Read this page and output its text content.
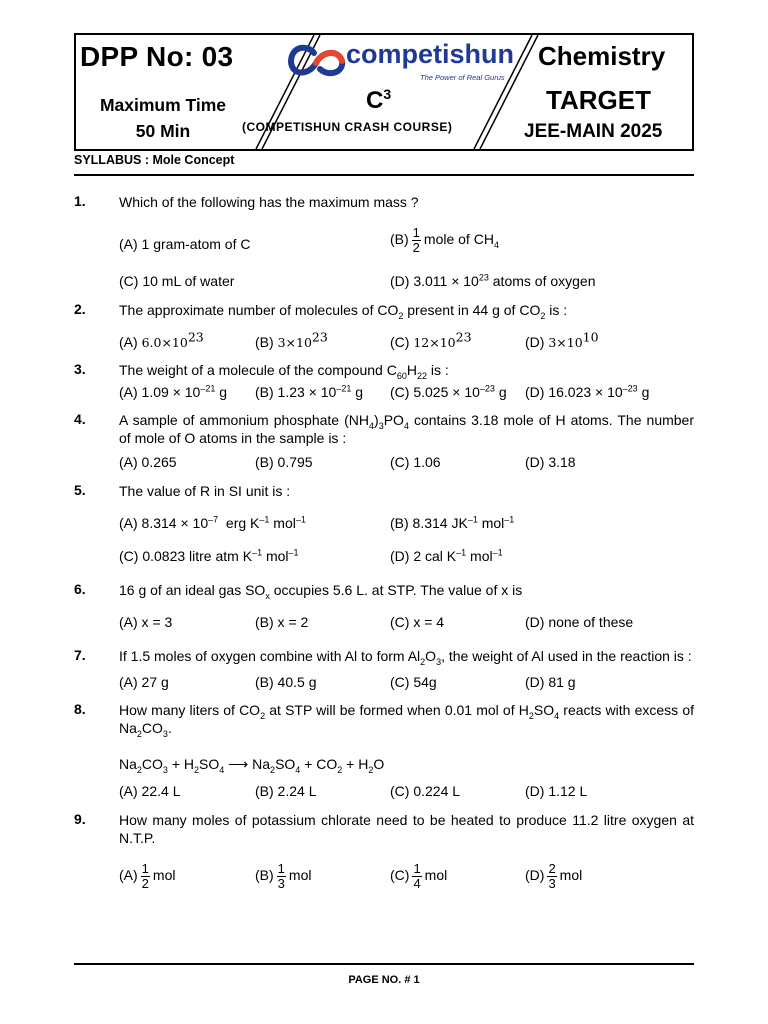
DPP No: 03
Maximum Time
50 Min
competishun
The Power of Real Gurus
$C^3$
(COMPETISHUN CRASH COURSE)
Chemistry
TARGET
JEE-MAIN 2025
SYLLABUS : Mole Concept
1. Which of the following has the maximum mass ?
(A) 1 gram-atom of C	$(B) \frac{1}{2}$ mole of $CH_4$
(C) 10 mL of water	(D) $3.011 \times 10^{23}$ atoms of oxygen
2. The approximate number of molecules of $CO_2$ present in 44 g of $CO_2$ is :
(A) $6.0\times 10^{23}$	(B) $3\times 10^{23}$	(C) $12\times 10^{23}$	(D) $3\times 10^{10}$
3. The weight of a molecule of the compound $C_{60}H_{22}$ is :
(A) $1.09 \times 10^{-21}$ g (B) $1.23 \times 10^{-21}$ g (C) $5.025 \times 10^{-23}$ g (D) $16.023 \times 10^{-23}$ g
4. A sample of ammonium phosphate $(NH_4)_3PO_4$ contains 3.18 mole of H atoms. The number of mole of O atoms in the sample is :
(A) 0.265	(B) 0.795	(C) 1.06	(D) 3.18
5. The value of R in SI unit is :
(A) $8.314 \times 10^{-7}$  erg $K^{-1}$ mol$^{-1}$	(B) 8.314 $JK^{-1}$ mol$^{-1}$
(C) 0.0823 litre atm $K^{-1}$ mol$^{-1}$	(D) 2 cal $K^{-1}$ mol$^{-1}$
6. 16 g of an ideal gas $SO_x$ occupies 5.6 L. at STP. The value of x is
(A) x = 3	(B) x = 2	(C) x = 4	(D) none of these
7. If 1.5 moles of oxygen combine with Al to form $Al_2O_3$, the weight of Al used in the reaction is :
(A) 27 g	(B) 40.5 g	(C) 54g	(D) 81 g
8. How many liters of $CO_2$ at STP will be formed when 0.01 mol of $H_2SO_4$ reacts with excess of $Na_2CO_3$.
$Na_2CO_3 + H_2SO_4$ ⟶ $Na_2SO_4 + CO_2 + H_2O$
(A) 22.4 L	(B) 2.24 L	(C) 0.224 L	(D) 1.12 L
9. How many moles of potassium chlorate need to be heated to produce 11.2 litre oxygen at N.T.P.
$(A) \frac{1}{2}$ mol	$(B) \frac{1}{3}$ mol	$(C) \frac{1}{4}$ mol	$(D) \frac{2}{3}$ mol
PAGE NO. # 1
